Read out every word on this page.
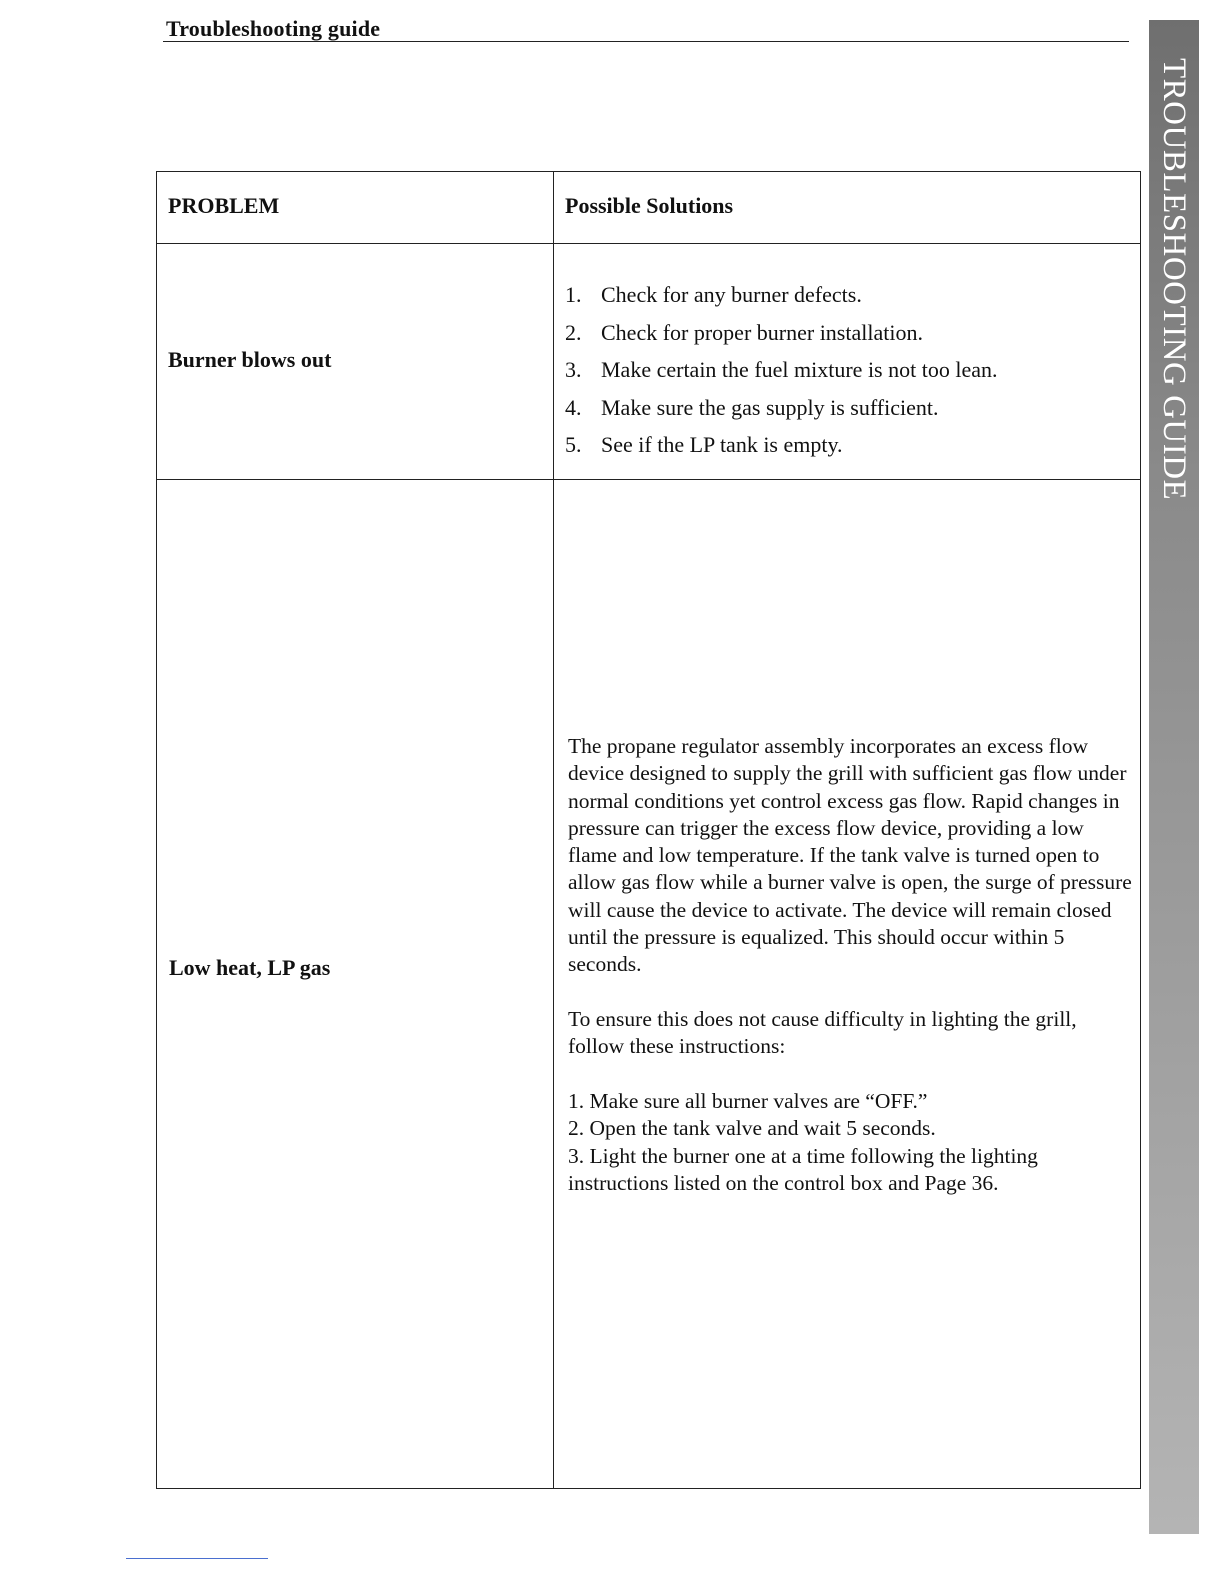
Troubleshooting guide
TROUBLESHOOTING GUIDE
PROBLEM	Possible Solutions
Burner blows out
1. Check for any burner defects.
2. Check for proper burner installation.
3. Make certain the fuel mixture is not too lean.
4. Make sure the gas supply is sufficient.
5. See if the LP tank is empty.
Low heat, LP gas

The propane regulator assembly incorporates an excess flow device designed to supply the grill with sufficient gas flow under normal conditions yet control excess gas flow. Rapid changes in pressure can trigger the excess flow device, providing a low flame and low temperature. If the tank valve is turned open to allow gas flow while a burner valve is open, the surge of pressure will cause the device to activate. The device will remain closed until the pressure is equalized. This should occur within 5 seconds.

To ensure this does not cause difficulty in lighting the grill, follow these instructions:

1. Make sure all burner valves are “OFF.”
2. Open the tank valve and wait 5 seconds.
3. Light the burner one at a time following the lighting instructions listed on the control box and Page 36.
